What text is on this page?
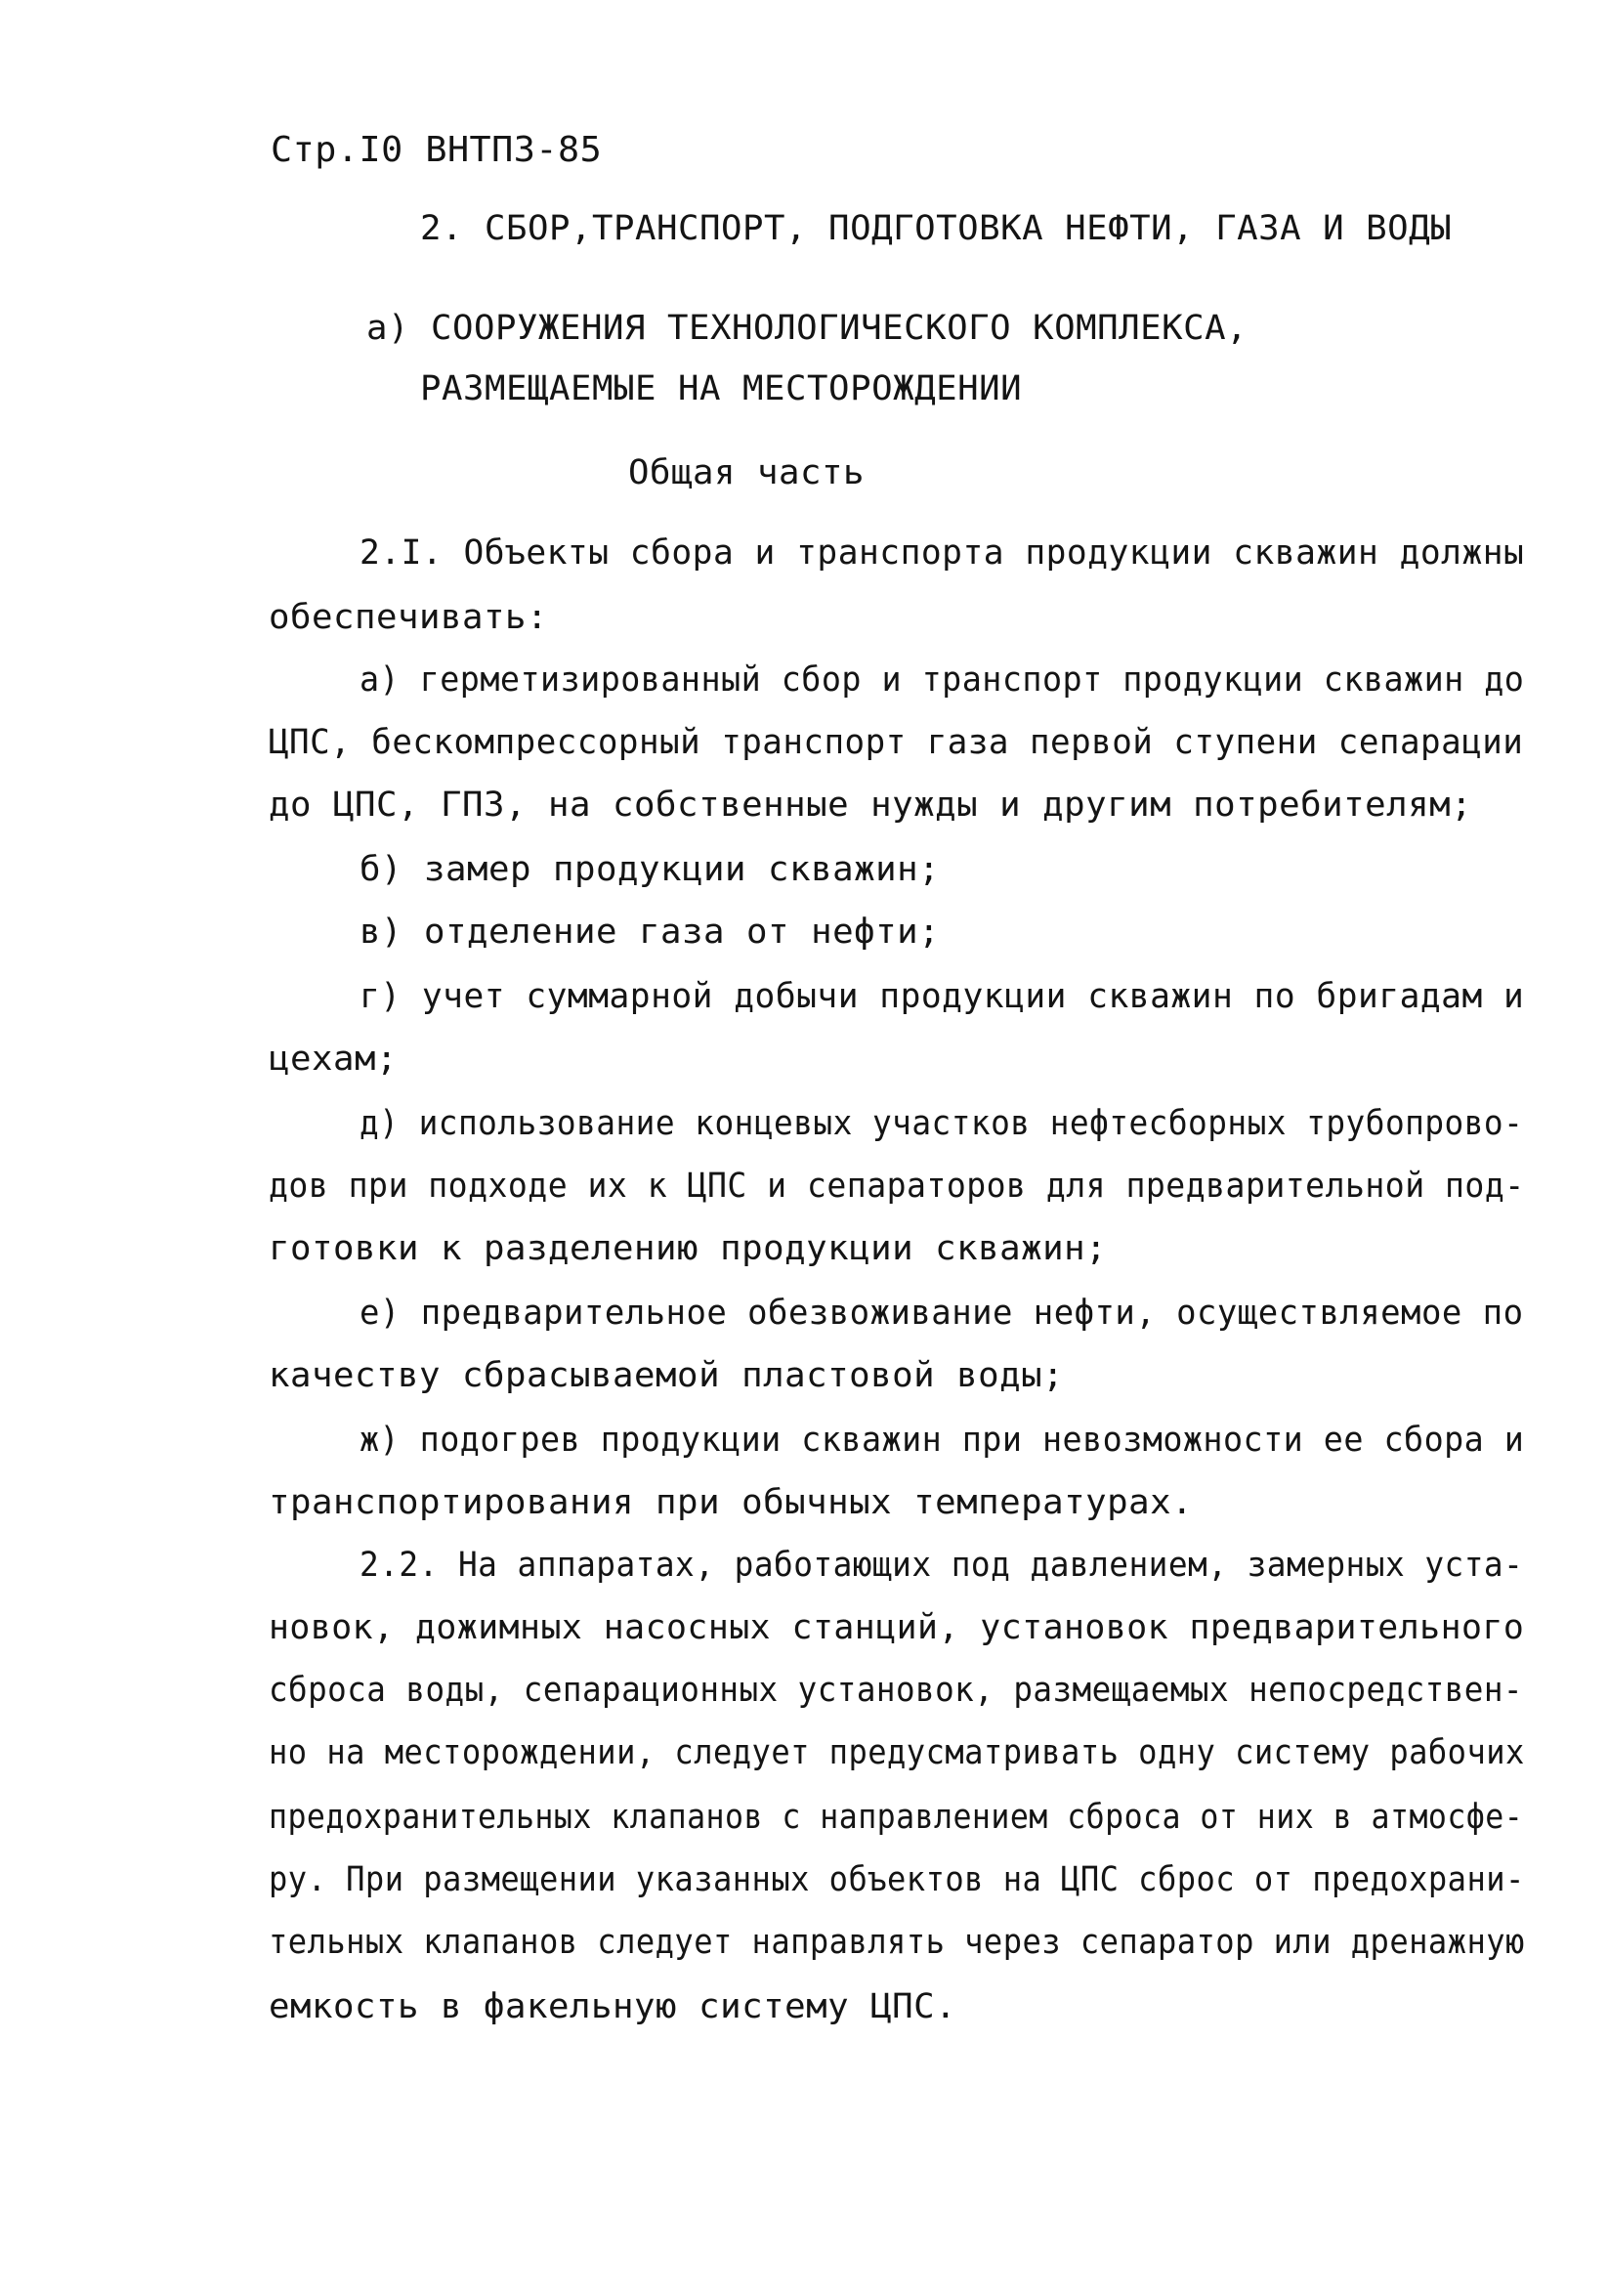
Стр.I0 ВНТПЗ-85
2. СБОР,ТРАНСПОРТ, ПОДГОТОВКА НЕФТИ, ГАЗА И ВОДЫ
а) СООРУЖЕНИЯ ТЕХНОЛОГИЧЕСКОГО КОМПЛЕКСА,
РАЗМЕЩАЕМЫЕ НА МЕСТОРОЖДЕНИИ
Общая часть
2.I. Объекты сбора и транспорта продукции скважин должны
обеспечивать:
а) герметизированный сбор и транспорт продукции скважин до
ЦПС, бескомпрессорный транспорт газа первой ступени сепарации
до ЦПС, ГПЗ, на собственные нужды и другим потребителям;
б) замер продукции скважин;
в) отделение газа от нефти;
г) учет суммарной добычи продукции скважин по бригадам и
цехам;
д) использование концевых участков нефтесборных трубопрово-
дов при подходе их к ЦПС и сепараторов для предварительной под-
готовки к разделению продукции скважин;
е) предварительное обезвоживание нефти, осуществляемое по
качеству сбрасываемой пластовой воды;
ж) подогрев продукции скважин при невозможности ее сбора и
транспортирования при обычных температурах.
2.2. На аппаратах, работающих под давлением, замерных уста-
новок, дожимных насосных станций, установок предварительного
сброса воды, сепарационных установок, размещаемых непосредствен-
но на месторождении, следует предусматривать одну систему рабочих
предохранительных клапанов с направлением сброса от них в атмосфе-
ру. При размещении указанных объектов на ЦПС сброс от предохрани-
тельных клапанов следует направлять через сепаратор или дренажную
емкость в факельную систему ЦПС.
